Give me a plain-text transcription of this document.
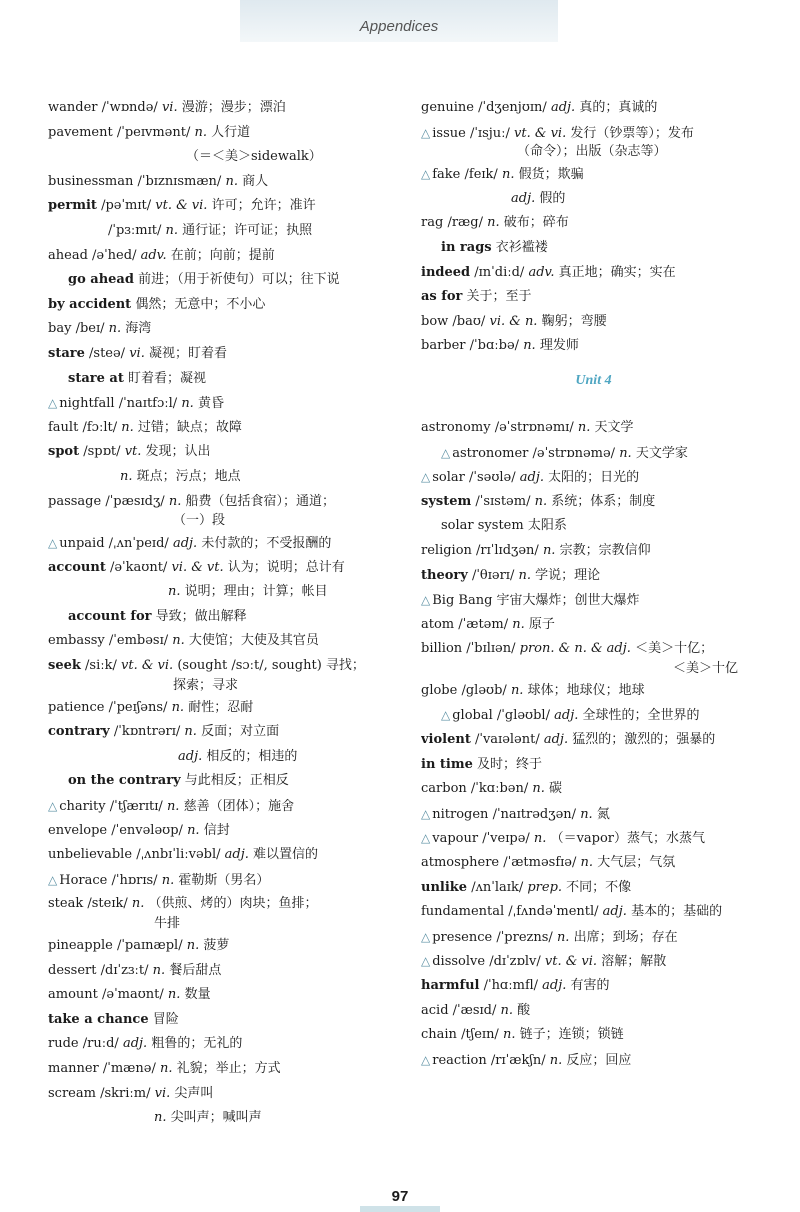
Appendices
wander /ˈwɒndə/ vi. 漫游；漫步；漂泊
pavement /ˈpeɪvmənt/ n. 人行道
（＝＜美＞sidewalk）
businessman /ˈbɪznɪsmæn/ n. 商人
permit /pəˈmɪt/ vt. & vi. 许可；允许；准许
/ˈpɜːmɪt/ n. 通行证；许可证；执照
ahead /əˈhed/ adv. 在前；向前；提前
go ahead 前进；（用于祈使句）可以；往下说
by accident 偶然；无意中；不小心
bay /beɪ/ n. 海湾
stare /steə/ vi. 凝视；盯着看
stare at 盯着看；凝视
△ nightfall /ˈnaɪtfɔːl/ n. 黄昏
fault /fɔːlt/ n. 过错；缺点；故障
spot /spɒt/ vt. 发现；认出
n. 斑点；污点；地点
passage /ˈpæsɪdʒ/ n. 船费（包括食宿）；通道；
（一）段
△ unpaid /ˌʌnˈpeɪd/ adj. 未付款的；不受报酬的
account /əˈkaʊnt/ vi. & vt. 认为；说明；总计有
n. 说明；理由；计算；帐目
account for 导致；做出解释
embassy /ˈembəsɪ/ n. 大使馆；大使及其官员
seek /siːk/ vt. & vi. (sought /sɔːt/, sought) 寻找；
探索；寻求
patience /ˈpeɪʃəns/ n. 耐性；忍耐
contrary /ˈkɒntrərɪ/ n. 反面；对立面
adj. 相反的；相违的
on the contrary 与此相反；正相反
△ charity /ˈtʃærɪtɪ/ n. 慈善（团体）；施舍
envelope /ˈenvələʊp/ n. 信封
unbelievable /ˌʌnbɪˈliːvəbl/ adj. 难以置信的
△ Horace /ˈhɒrɪs/ n. 霍勒斯（男名）
steak /steɪk/ n. （供煎、烤的）肉块；鱼排；
牛排
pineapple /ˈpaɪnæpl/ n. 菠萝
dessert /dɪˈzɜːt/ n. 餐后甜点
amount /əˈmaʊnt/ n. 数量
take a chance 冒险
rude /ruːd/ adj. 粗鲁的；无礼的
manner /ˈmænə/ n. 礼貌；举止；方式
scream /skriːm/ vi. 尖声叫
n. 尖叫声；喊叫声
genuine /ˈdʒenjʊɪn/ adj. 真的；真诚的
△ issue /ˈɪsjuː/ vt. & vi. 发行（钞票等）；发布
（命令）；出版（杂志等）
△ fake /feɪk/ n. 假货；欺骗
adj. 假的
rag /ræg/ n. 破布；碎布
in rags 衣衫褴褛
indeed /ɪnˈdiːd/ adv. 真正地；确实；实在
as for 关于；至于
bow /baʊ/ vi. & n. 鞠躬；弯腰
barber /ˈbɑːbə/ n. 理发师
Unit 4
astronomy /əˈstrɒnəmɪ/ n. 天文学
△ astronomer /əˈstrɒnəmə/ n. 天文学家
△ solar /ˈsəʊlə/ adj. 太阳的；日光的
system /ˈsɪstəm/ n. 系统；体系；制度
solar system 太阳系
religion /rɪˈlɪdʒən/ n. 宗教；宗教信仰
theory /ˈθɪərɪ/ n. 学说；理论
△ Big Bang 宇宙大爆炸；创世大爆炸
atom /ˈætəm/ n. 原子
billion /ˈbɪlɪən/ pron. & n. & adj. ＜美＞十亿；
＜美＞十亿
globe /gləʊb/ n. 球体；地球仪；地球
△ global /ˈgləʊbl/ adj. 全球性的；全世界的
violent /ˈvaɪələnt/ adj. 猛烈的；激烈的；强暴的
in time 及时；终于
carbon /ˈkɑːbən/ n. 碳
△ nitrogen /ˈnaɪtrədʒən/ n. 氮
△ vapour /ˈveɪpə/ n. （＝vapor）蒸气；水蒸气
atmosphere /ˈætməsfɪə/ n. 大气层；气氛
unlike /ʌnˈlaɪk/ prep. 不同；不像
fundamental /ˌfʌndəˈmentl/ adj. 基本的；基础的
△ presence /ˈprezns/ n. 出席；到场；存在
△ dissolve /dɪˈzɒlv/ vt. & vi. 溶解；解散
harmful /ˈhɑːmfl/ adj. 有害的
acid /ˈæsɪd/ n. 酸
chain /tʃeɪn/ n. 链子；连锁；锁链
△ reaction /rɪˈækʃn/ n. 反应；回应
97
